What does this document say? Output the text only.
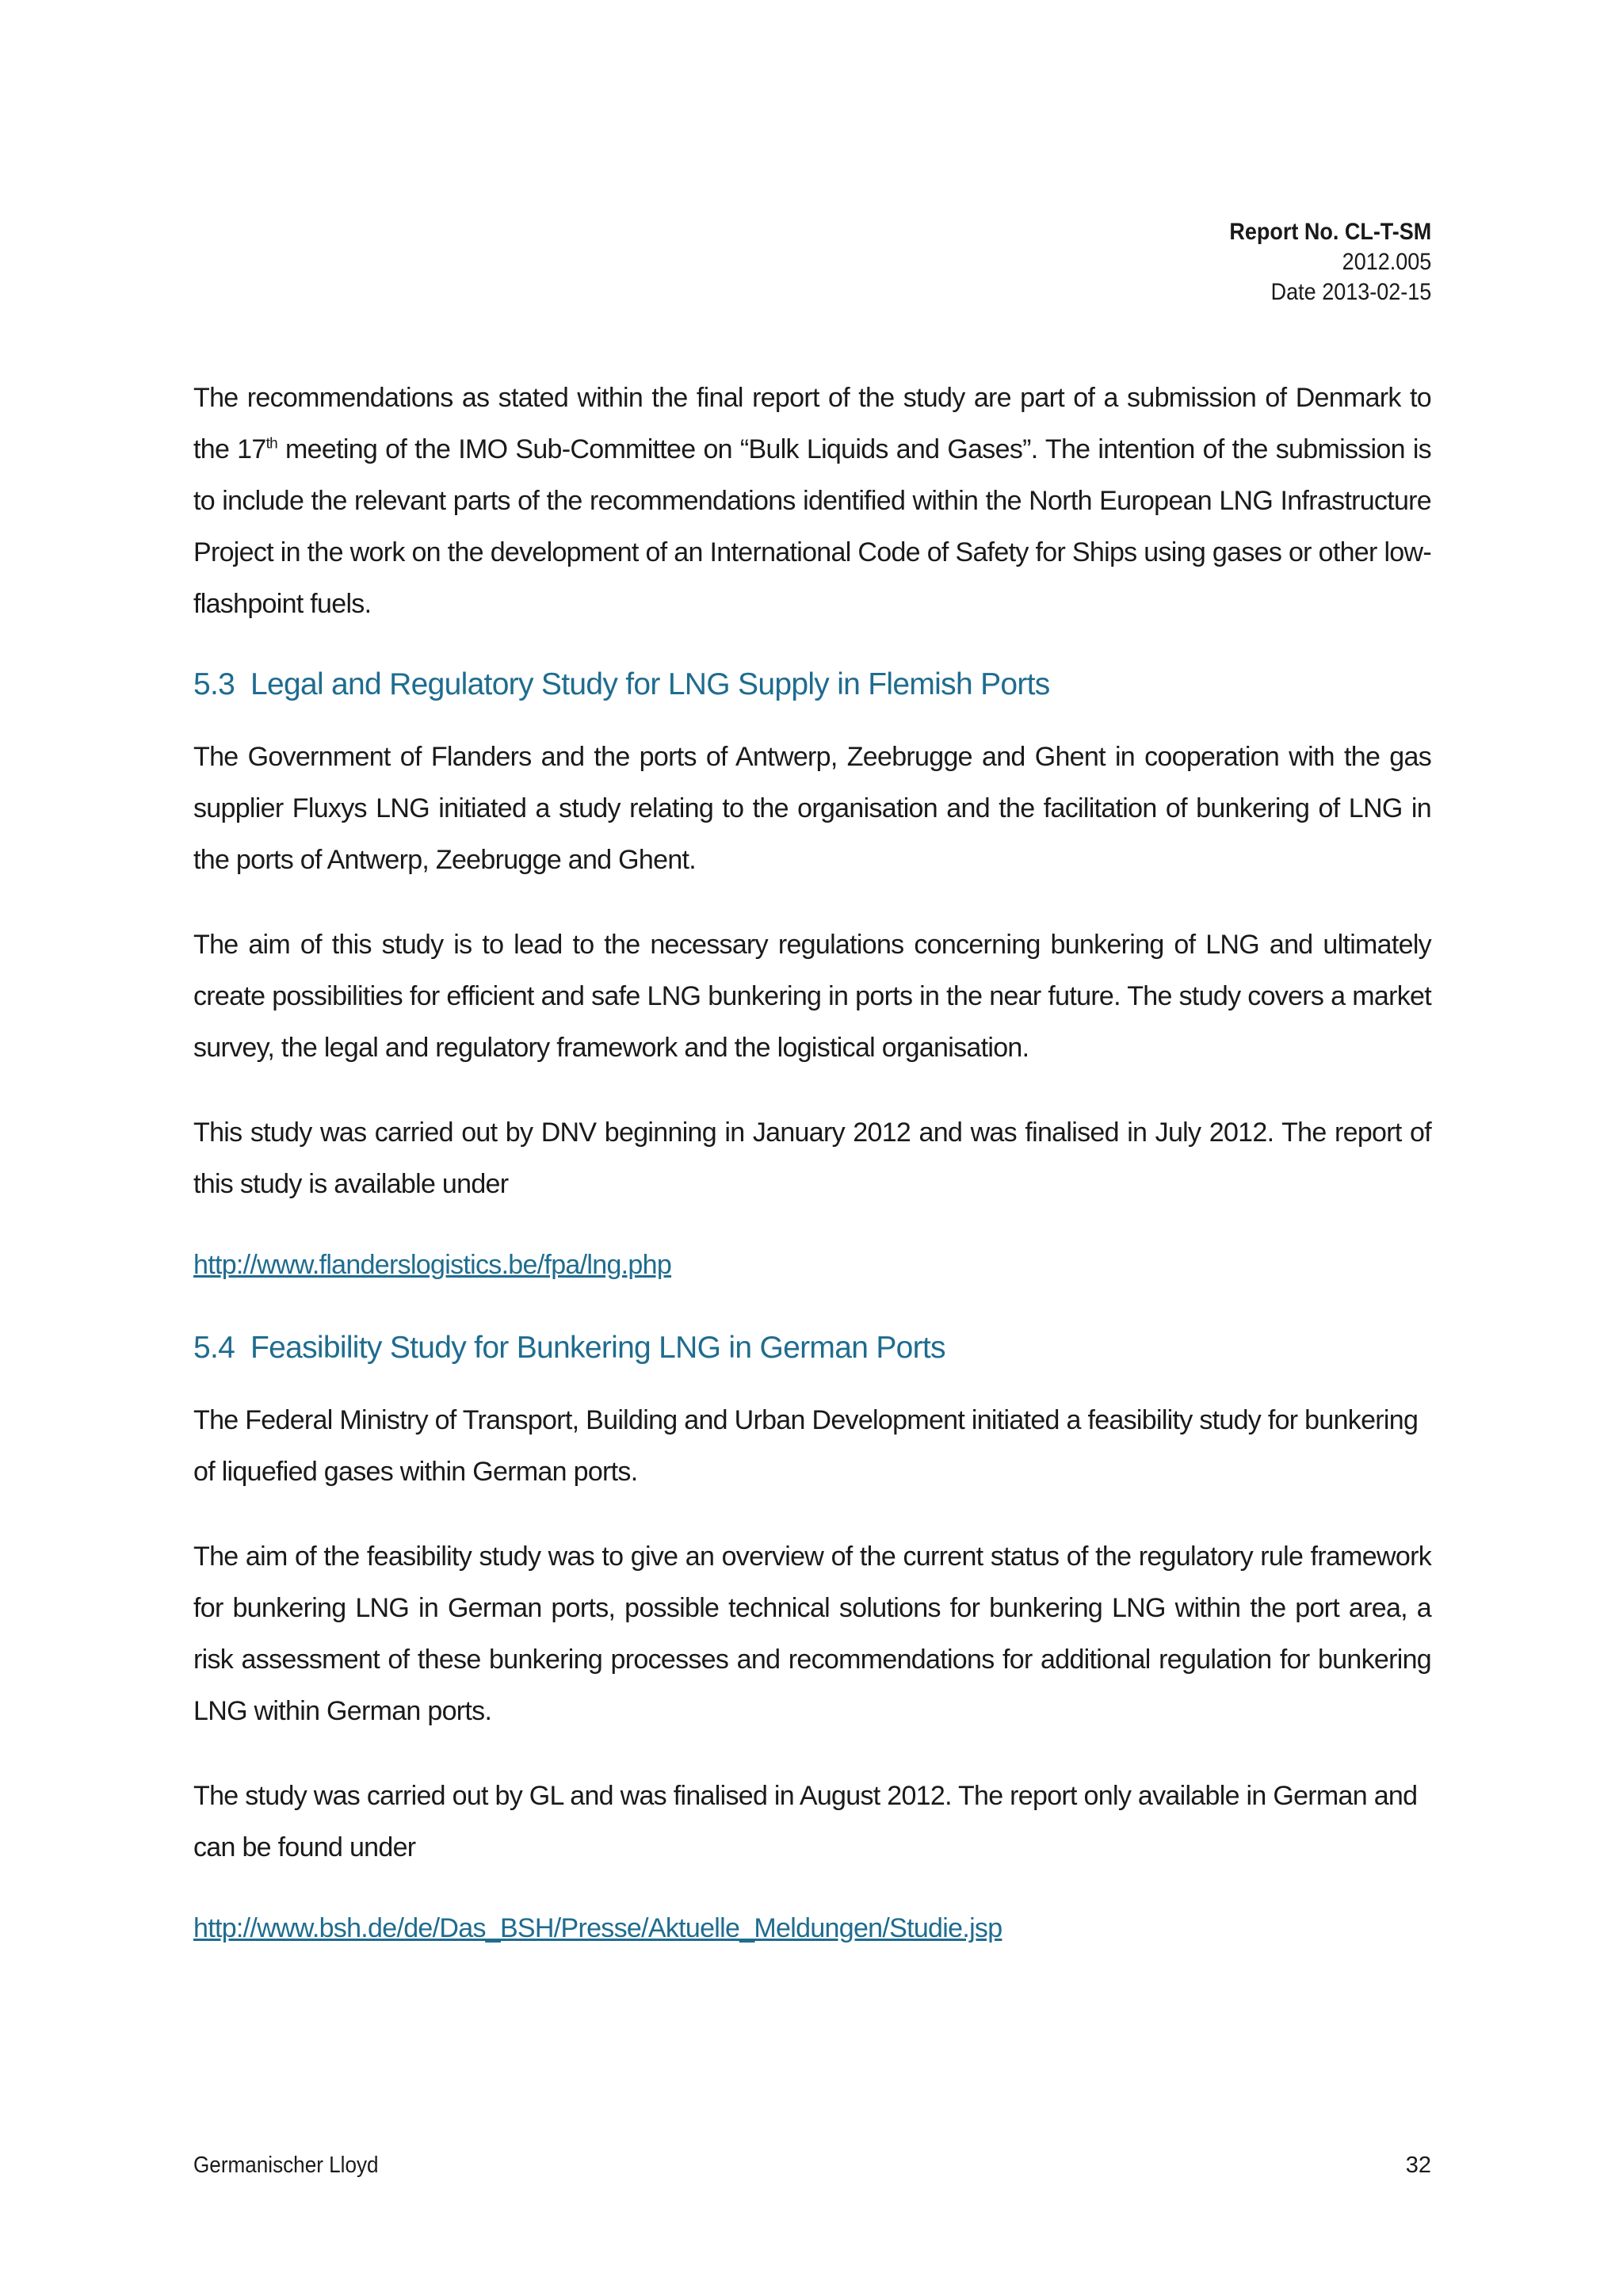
Report No. CL-T-SM
2012.005
Date 2013-02-15

The recommendations as stated within the final report of the study are part of a submission of Denmark to the 17th meeting of the IMO Sub-Committee on “Bulk Liquids and Gases”. The intention of the submission is to include the relevant parts of the recommendations identified within the North European LNG Infrastructure Project in the work on the development of an International Code of Safety for Ships using gases or other low-flashpoint fuels.

5.3 Legal and Regulatory Study for LNG Supply in Flemish Ports

The Government of Flanders and the ports of Antwerp, Zeebrugge and Ghent in cooperation with the gas supplier Fluxys LNG initiated a study relating to the organisation and the facilitation of bunkering of LNG in the ports of Antwerp, Zeebrugge and Ghent.

The aim of this study is to lead to the necessary regulations concerning bunkering of LNG and ultimately create possibilities for efficient and safe LNG bunkering in ports in the near future. The study covers a market survey, the legal and regulatory framework and the logistical organisation.

This study was carried out by DNV beginning in January 2012 and was finalised in July 2012. The report of this study is available under

http://www.flanderslogistics.be/fpa/lng.php
5.4 Feasibility Study for Bunkering LNG in German Ports

The Federal Ministry of Transport, Building and Urban Development initiated a feasibility study for bunkering of liquefied gases within German ports.

The aim of the feasibility study was to give an overview of the current status of the regulatory rule framework for bunkering LNG in German ports, possible technical solutions for bunkering LNG within the port area, a risk assessment of these bunkering processes and recommendations for additional regulation for bunkering LNG within German ports.

The study was carried out by GL and was finalised in August 2012. The report only available in German and can be found under

http://www.bsh.de/de/Das_BSH/Presse/Aktuelle_Meldungen/Studie.jsp
Germanischer Lloyd	32
